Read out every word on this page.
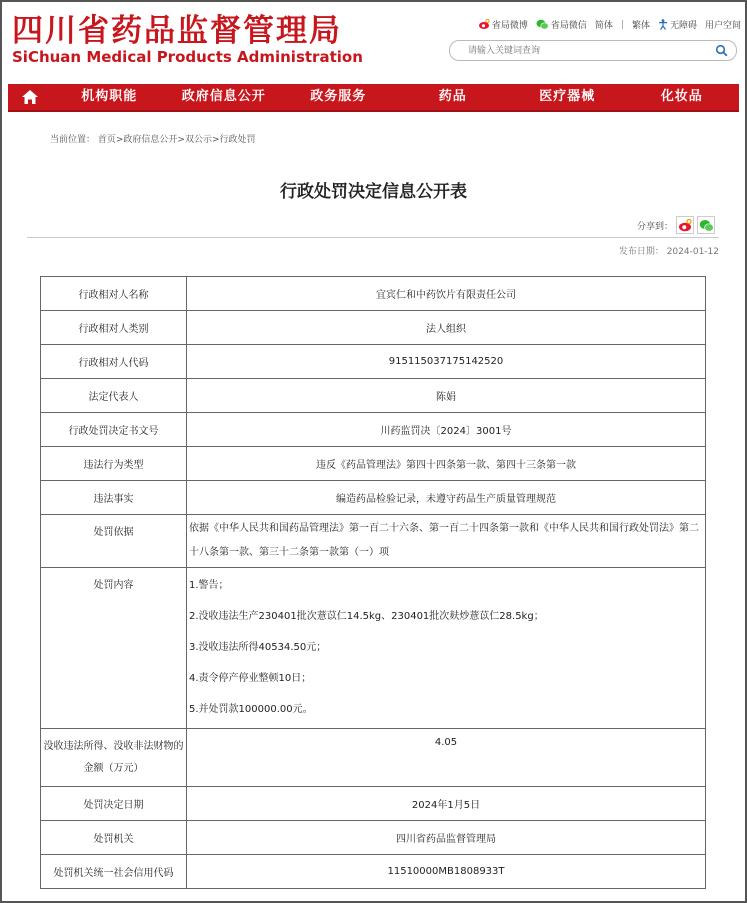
四川省药品监督管理局
SiChuan Medical Products Administration
省局微博	省局微信 简体 | 繁体 无障碍 用户空间
请输入关键词查询
机构职能	政府信息公开	政务服务	药品	医疗器械	化妆品
当前位置： 首页>政府信息公开>双公示>行政处罚
行政处罚决定信息公开表
分享到：
发布日期： 2024-01-12
行政相对人名称	宜宾仁和中药饮片有限责任公司
行政相对人类别	法人组织
行政相对人代码	915115037175142520
法定代表人	陈娟
行政处罚决定书文号	川药监罚决〔2024〕3001号
违法行为类型	违反《药品管理法》第四十四条第一款、第四十三条第一款
违法事实	编造药品检验记录，未遵守药品生产质量管理规范
处罚依据	依据《中华人民共和国药品管理法》第一百二十六条、第一百二十四条第一款和《中华人民共和国行政处罚法》第二十八条第一款、第三十二条第一款第（一）项
处罚内容	1.警告；
2.没收违法生产230401批次薏苡仁14.5kg、230401批次麸炒薏苡仁28.5kg；
3.没收违法所得40534.50元；
4.责令停产停业整顿10日；
5.并处罚款100000.00元。

没收违法所得、没收非法财物的金额（万元）	4.05
处罚决定日期	2024年1月5日
处罚机关	四川省药品监督管理局
处罚机关统一社会信用代码	11510000MB1808933T
